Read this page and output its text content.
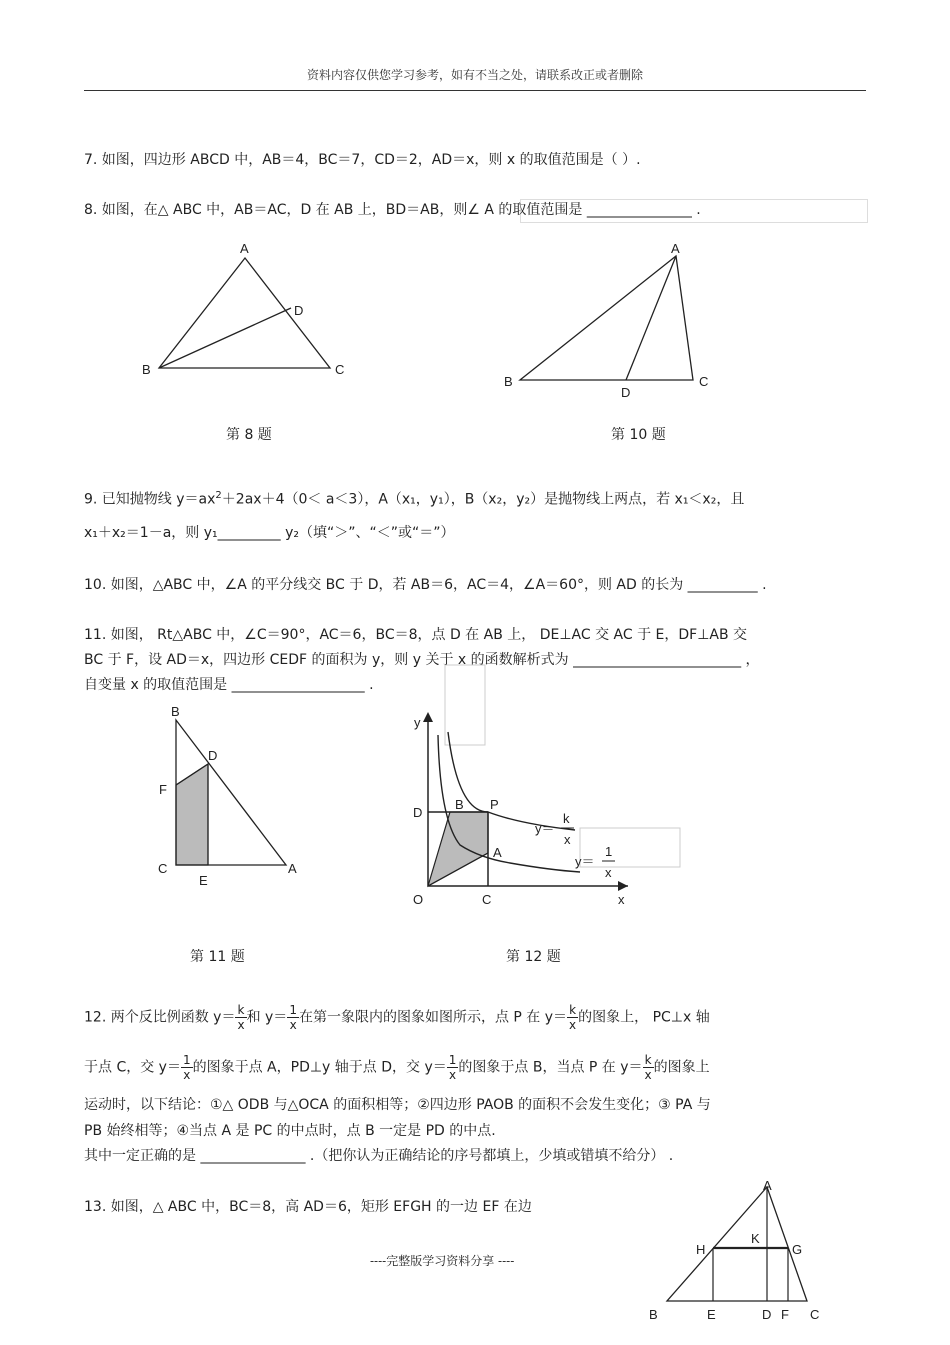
资料内容仅供您学习参考，如有不当之处，请联系改正或者删除
7. 如图，四边形 ABCD 中，AB＝4，BC＝7，CD＝2，AD＝x，则 x 的取值范围是（ ）.
8. 如图，在△ ABC 中，AB＝AC，D 在 AB 上，BD＝AB，则∠ A 的取值范围是 _______________ .
A
B	C
D
A
B	C
D
第 8 题	第 10 题
9. 已知抛物线 $y=ax^2+2ax+4(0< a<3)$，A（x₁，y₁），B（x₂，y₂）是抛物线上两点，若 x₁＜x₂，且
x₁＋x₂＝1－a，则 y₁_________ y₂（填“＞”、“＜”或“＝”）
10. 如图，△ABC 中，∠A 的平分线交 BC 于 D，若 AB＝6，AC＝4，∠A＝60°，则 AD 的长为 __________ .
11. 如图， Rt△ABC 中，∠C＝90°，AC＝6，BC＝8，点 D 在 AB 上， DE⊥AC 交 AC 于 E，DF⊥AB 交
BC 于 F，设 AD＝x，四边形 CEDF 的面积为 y，则 y 关于 x 的函数解析式为 ________________________ ，
自变量 x 的取值范围是 ___________________ .
B
D
F
C
E
A
y
x
O	C
D
B P
A
y＝
k
x
y＝
1
x
第 11 题	第 12 题
12. 两个反比例函数 $y= \frac{k}{x}$ 和 $y= \frac{1}{x}$ 在第一象限内的图象如图所示，点 P 在 $y= \frac{k}{x}$ 的图象上， PC⊥x 轴
于点 C，交 $y= \frac{1}{x}$ 的图象于点 A，PD⊥y 轴于点 D，交 $y= \frac{1}{x}$ 的图象于点 B，当点 P 在 $y= \frac{k}{x}$ 的图象上
运动时，以下结论：①△ ODB 与△OCA 的面积相等；②四边形 PAOB 的面积不会发生变化；③ PA 与
PB 始终相等；④当点 A 是 PC 的中点时，点 B 一定是 PD 的中点.
其中一定正确的是 _______________ .（把你认为正确结论的序号都填上，少填或错填不给分） .
13. 如图，△ ABC 中，BC＝8，高 AD＝6，矩形 EFGH 的一边 EF 在边
----完整版学习资料分享 ----
A
H
K
G
B	E	D F C
